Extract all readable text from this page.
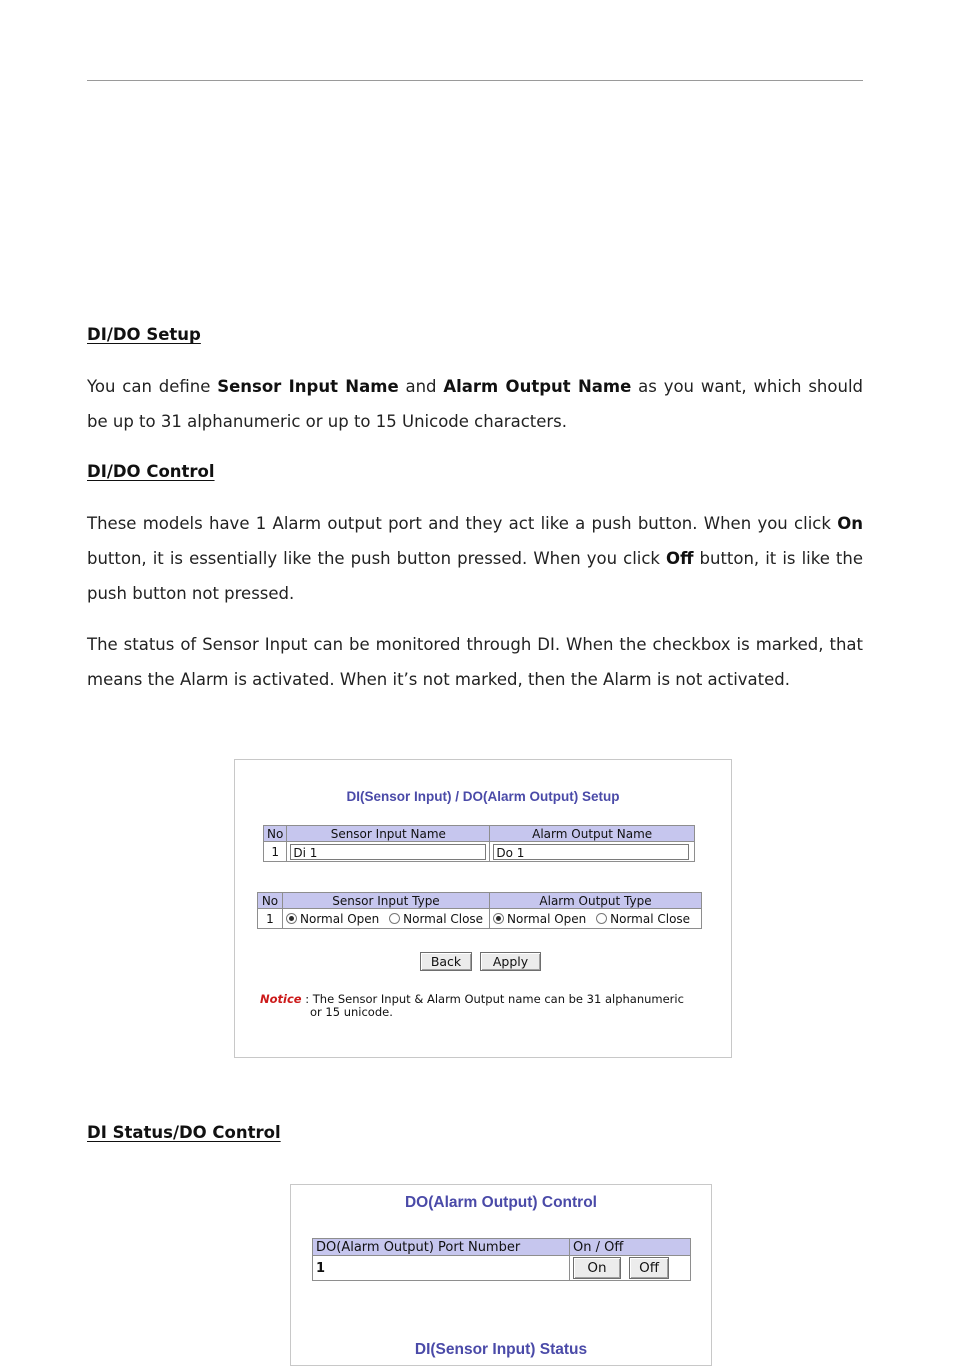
DI/DO Setup
You can define Sensor Input Name and Alarm Output Name as you want, which should be up to 31 alphanumeric or up to 15 Unicode characters.
DI/DO Control
These models have 1 Alarm output port and they act like a push button. When you click On button, it is essentially like the push button pressed. When you click Off button, it is like the push button not pressed.
The status of Sensor Input can be monitored through DI. When the checkbox is marked, that means the Alarm is activated. When it’s not marked, then the Alarm is not activated.
DI(Sensor Input) / DO(Alarm Output) Setup
No	Sensor Input Name	Alarm Output Name
1	Di 1	Do 1
No	Sensor Input Type	Alarm Output Type
1	Normal Open Normal Close	Normal Open Normal Close
Back	Apply
Notice : The Sensor Input & Alarm Output name can be 31 alphanumeric
or 15 unicode.
DI Status/DO Control
DO(Alarm Output) Control
DO(Alarm Output) Port Number	On / Off
1	On Off
DI(Sensor Input) Status
